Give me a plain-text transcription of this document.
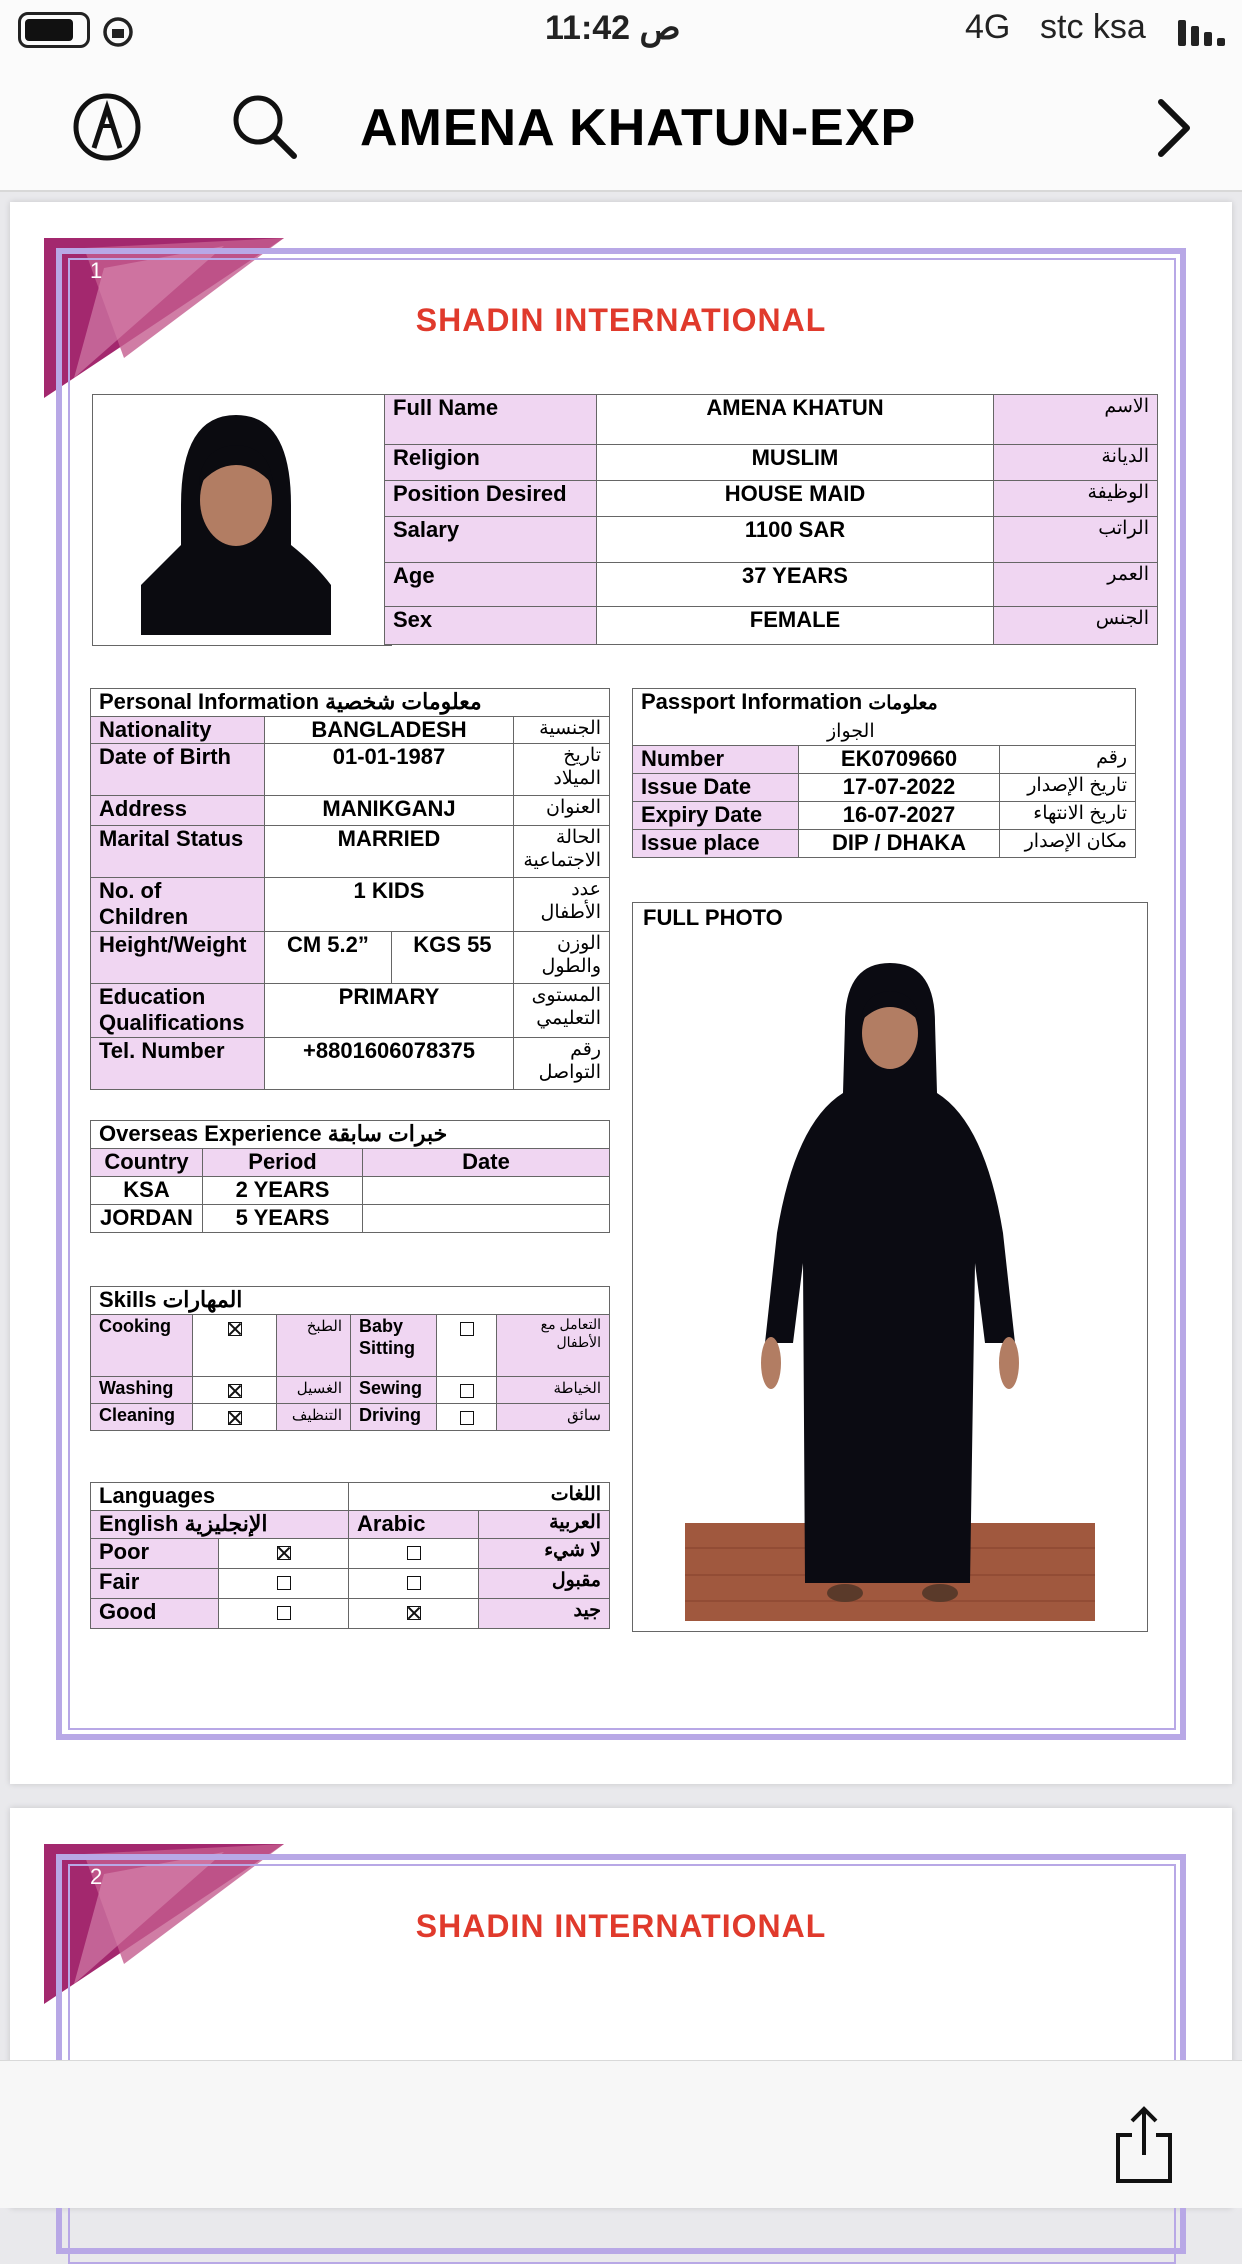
11:42 ص	4G stc ksa
AMENA KHATUN-EXP
1
SHADIN INTERNATIONAL
Full Name	AMENA KHATUN	الاسم
Religion	MUSLIM	الديانة
Position Desired	HOUSE MAID	الوظيفة
Salary	1100 SAR	الراتب
Age	37 YEARS	العمر
Sex	FEMALE	الجنس
Personal Information معلومات شخصية			
Nationality	BANGLADESH		الجنسية
Date of Birth	01-01-1987		تاريخ الميلاد
Address	MANIKGANJ		العنوان
Marital Status	MARRIED		الحالة الاجتماعية
No. of Children	1 KIDS		عدد الأطفال
Height/Weight	CM 5.2”	KGS 55	الوزن والطول
Education Qualifications	PRIMARY		المستوى التعليمي
Tel. Number	+8801606078375		رقم التواصل
Passport Information معلومات
الجواز		
Number	EK0709660	رقم
Issue Date	17-07-2022	تاريخ الإصدار
Expiry Date	16-07-2027	تاريخ الانتهاء
Issue place	DIP / DHAKA	مكان الإصدار
FULL PHOTO
Overseas Experience خبرات سابقة		
Country	Period	Date
KSA	2 YEARS	
JORDAN	5 YEARS	
Skills المهارات					
Cooking		الطبخ	Baby Sitting		التعامل مع الأطفال
Washing		الغسيل	Sewing		الخياطة
Cleaning		التنظيف	Driving		سائق
Languages		اللغات	
English الإنجليزية		Arabic	العربية
Poor			لا شيء
Fair			مقبول
Good			جيد
2
SHADIN INTERNATIONAL
